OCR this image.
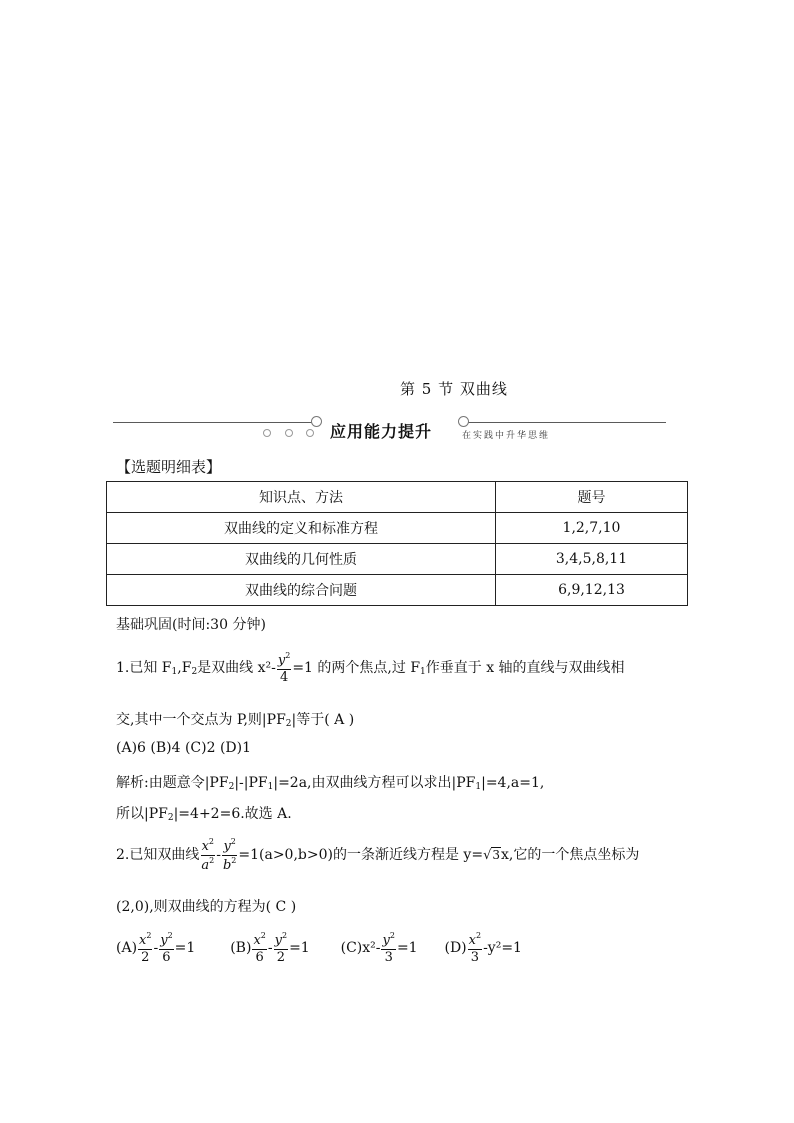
第 5 节 双曲线
应用能力提升	在实践中升华思维
【选题明细表】
知识点、方法	题号
双曲线的定义和标准方程	1,2,7,10
双曲线的几何性质	3,4,5,8,11
双曲线的综合问题	6,9,12,13
基础巩固(时间:30 分钟)
1.已知 $F_1,F_2$是双曲线 $x^2- \frac{y^2}{4} =1$ 的两个焦点,过 $F_1$作垂直于 x 轴的直线与双曲线相
交,其中一个交点为 P,则$|PF_2|$等于( A )
(A)6 (B)4 (C)2 (D)1
解析:由题意令$|PF_2|-|PF_1|=2a$,由双曲线方程可以求出$|PF_1|=4,a=1$,
所以$|PF_2|=4+2=6$.故选 A.
2.已知双曲线 $\frac{x^2}{a^2} - \frac{y^2}{b^2} =1(a>0,b>0)$的一条渐近线方程是 y=√3x,它的一个焦点坐标为
(2,0),则双曲线的方程为( C )
$(A) \frac{x^2}{2} - \frac{y^2}{6} =1$ $(B) \frac{x^2}{6} - \frac{y^2}{2} =1$ $(C)x^2- \frac{y^2}{3} =1$ $(D) \frac{x^2}{3} -y^2=1$
